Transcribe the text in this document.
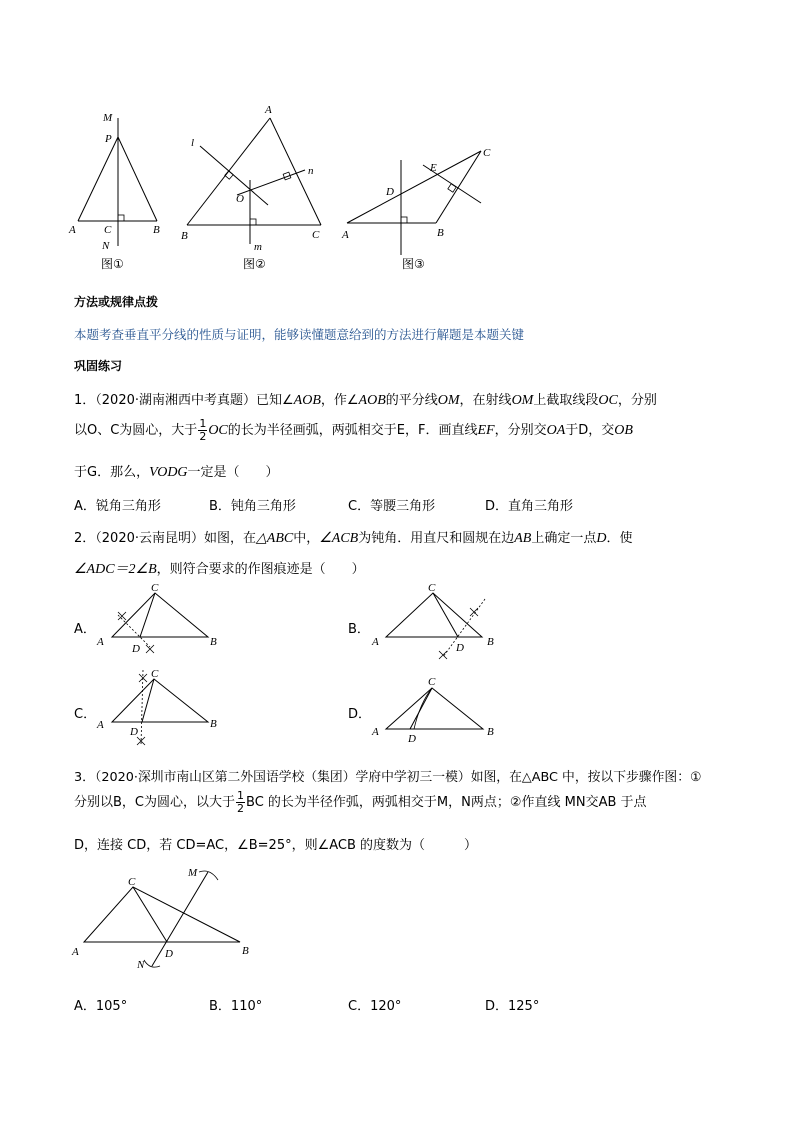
M
P
A	C	B
N
图①
A
l
n
O
B
m
C
图②
C
E
D
A	B
图③
方法或规律点拨
本题考查垂直平分线的性质与证明，能够读懂题意给到的方法进行解题是本题关键
巩固练习
1．（2020·湖南湘西中考真题）已知∠AOB，作∠AOB的平分线OM，在射线OM上截取线段OC，分别
以O、C为圆心，大于 $\frac{1}{2}$ OC的长为半径画弧，两弧相交于E，F．画直线EF，分别交OA于D，交OB
于G．那么，VODG一定是（　　）
A．锐角三角形	B．钝角三角形	C．等腰三角形	D．直角三角形
2．（2020·云南昆明）如图，在△ABC中，∠ACB为钝角．用直尺和圆规在边AB上确定一点D．使
∠ADC＝2∠B，则符合要求的作图痕迹是（　　）
A．	B．
C．	D．
C
A	B
D
C
A	B
D
C
A	B
D
C
A	B
D
3．（2020·深圳市南山区第二外国语学校（集团）学府中学初三一模）如图，在△ABC 中，按以下步骤作图：①
分别以B，C为圆心，以大于 $\frac{1}{2}$ BC 的长为半径作弧，两弧相交于M，N两点；②作直线 MN交AB 于点
D，连接 CD，若 CD=AC，∠B=25°，则∠ACB 的度数为（　　　）
C
M
A
N
D	B
A．105°	B．110°	C．120°	D．125°
